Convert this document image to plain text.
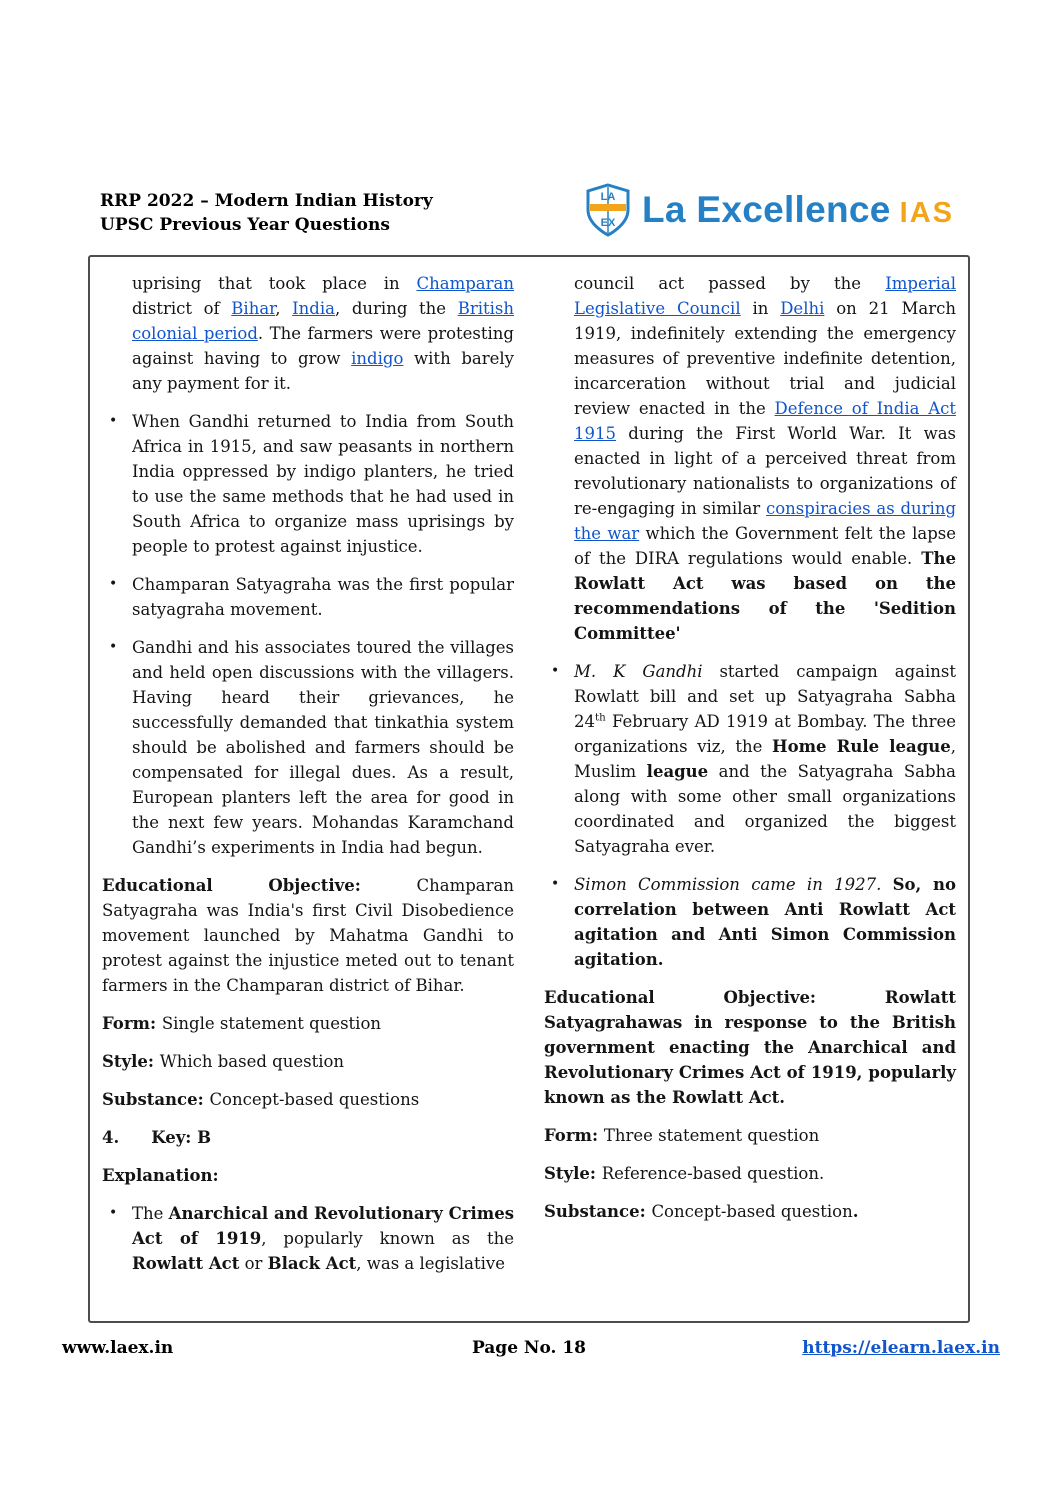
RRP 2022 – Modern Indian History
UPSC Previous Year Questions
LA
EX La Excellence IAS
uprising that took place in Champaran district of Bihar, India, during the British colonial period. The farmers were protesting against having to grow indigo with barely any payment for it.
• When Gandhi returned to India from South Africa in 1915, and saw peasants in northern India oppressed by indigo planters, he tried to use the same methods that he had used in South Africa to organize mass uprisings by people to protest against injustice.
• Champaran Satyagraha was the first popular satyagraha movement.
• Gandhi and his associates toured the villages and held open discussions with the villagers. Having heard their grievances, he successfully demanded that tinkathia system should be abolished and farmers should be compensated for illegal dues. As a result, European planters left the area for good in the next few years. Mohandas Karamchand Gandhi’s experiments in India had begun.
Educational Objective: Champaran Satyagraha was India's first Civil Disobedience movement launched by Mahatma Gandhi to protest against the injustice meted out to tenant farmers in the Champaran district of Bihar.
Form: Single statement question
Style: Which based question
Substance: Concept-based questions
4. Key: B
Explanation:
• The Anarchical and Revolutionary Crimes Act of 1919, popularly known as the Rowlatt Act or Black Act, was a legislative
council act passed by the Imperial Legislative Council in Delhi on 21 March 1919, indefinitely extending the emergency measures of preventive indefinite detention, incarceration without trial and judicial review enacted in the Defence of India Act 1915 during the First World War. It was enacted in light of a perceived threat from revolutionary nationalists to organizations of re-engaging in similar conspiracies as during the war which the Government felt the lapse of the DIRA regulations would enable. The Rowlatt Act was based on the recommendations of the 'Sedition Committee'
• M. K Gandhi started campaign against Rowlatt bill and set up Satyagraha Sabha 24th February AD 1919 at Bombay. The three organizations viz, the Home Rule league, Muslim league and the Satyagraha Sabha along with some other small organizations coordinated and organized the biggest Satyagraha ever.
• Simon Commission came in 1927. So, no correlation between Anti Rowlatt Act agitation and Anti Simon Commission agitation.
Educational Objective: Rowlatt Satyagrahawas in response to the British government enacting the Anarchical and Revolutionary Crimes Act of 1919, popularly known as the Rowlatt Act.
Form: Three statement question
Style: Reference-based question.
Substance: Concept-based question.
www.laex.in	Page No. 18	https://elearn.laex.in
